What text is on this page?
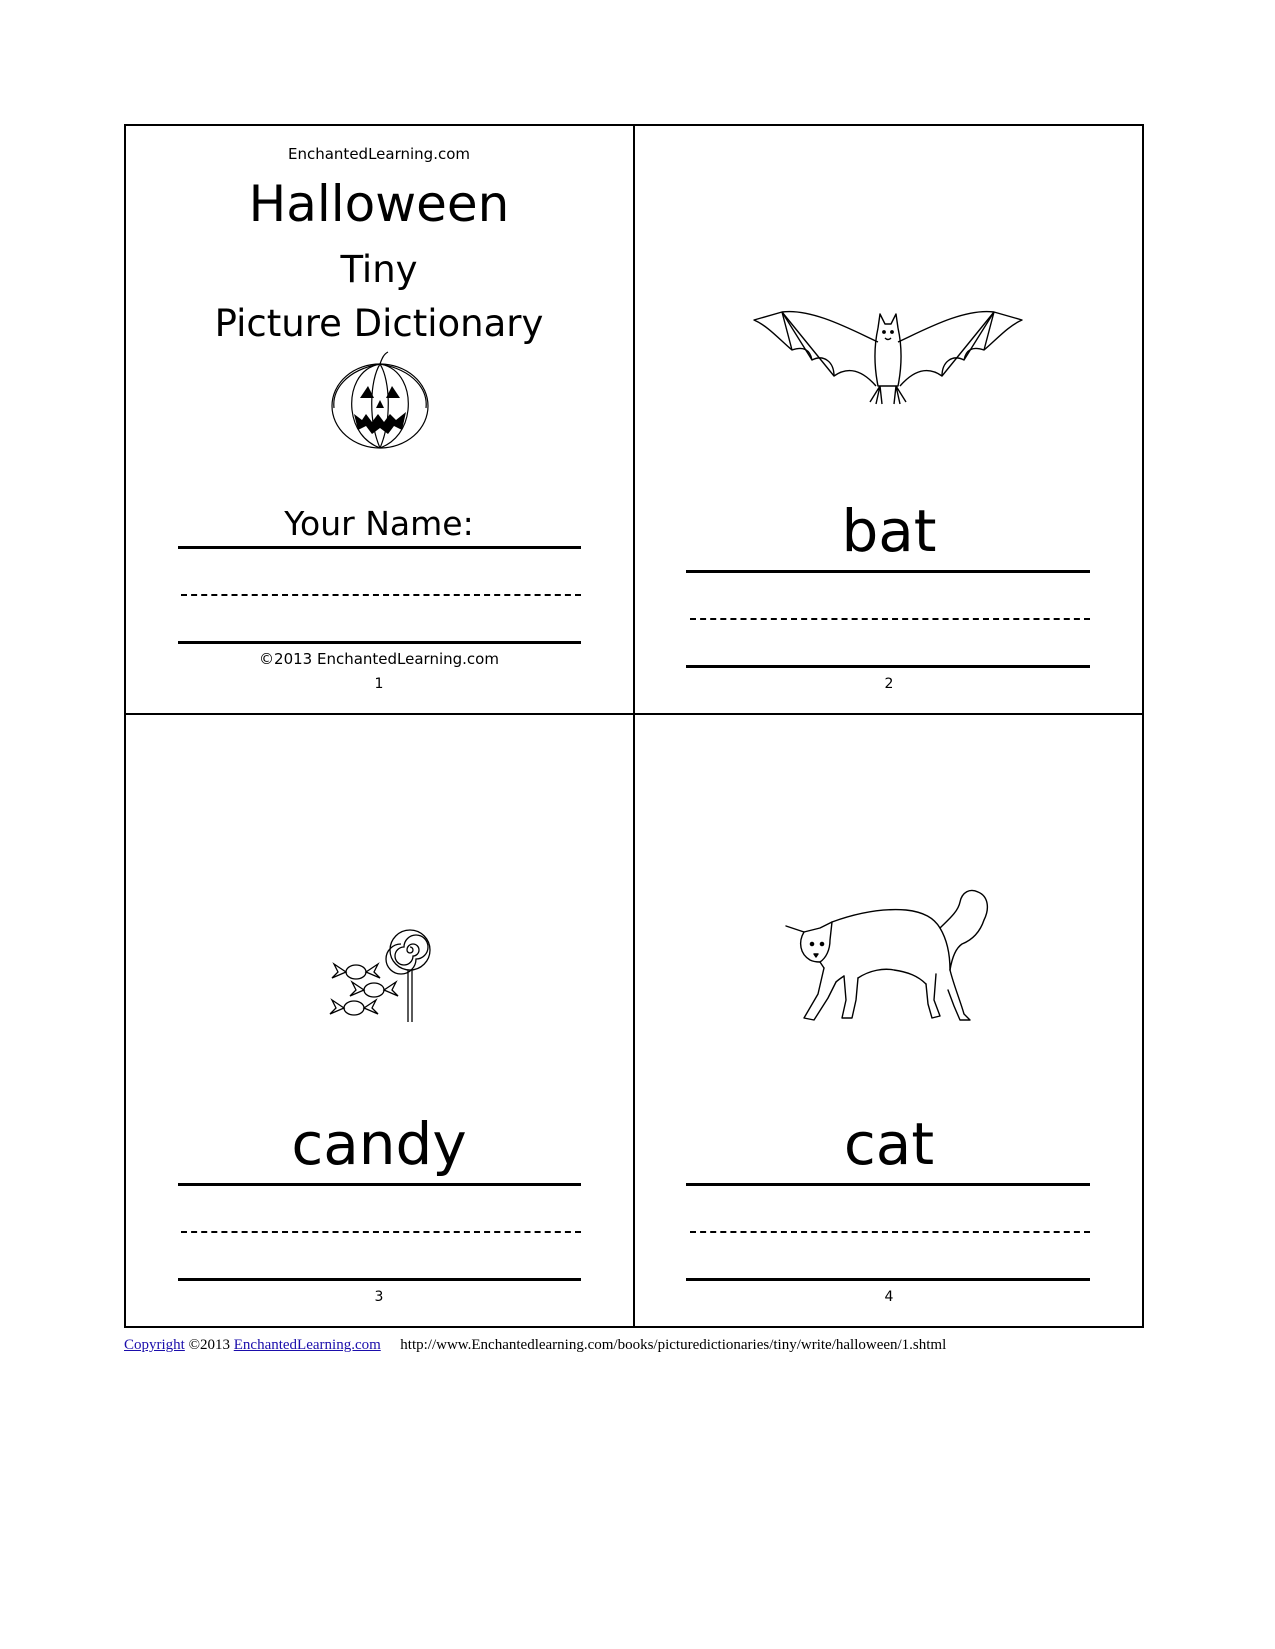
EnchantedLearning.com
Halloween
Tiny
Picture Dictionary
Your Name:
©2013 EnchantedLearning.com
1
bat
2
candy
3
cat
4
Copyright ©2013 EnchantedLearning.com http://www.Enchantedlearning.com/books/picturedictionaries/tiny/write/halloween/1.shtml
